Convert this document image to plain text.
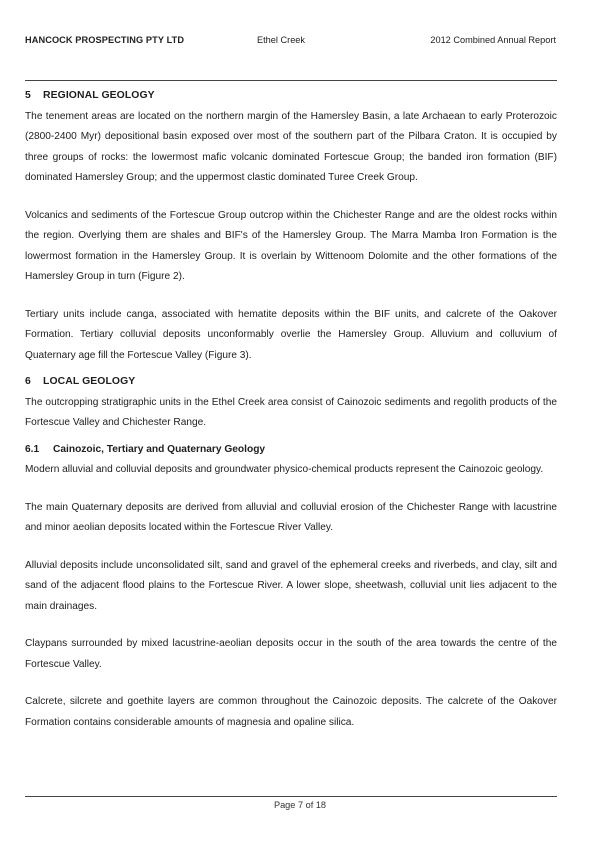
HANCOCK PROSPECTING PTY LTD	Ethel Creek	2012 Combined Annual Report
5 REGIONAL GEOLOGY

The tenement areas are located on the northern margin of the Hamersley Basin, a late Archaean to early Proterozoic (2800-2400 Myr) depositional basin exposed over most of the southern part of the Pilbara Craton. It is occupied by three groups of rocks: the lowermost mafic volcanic dominated Fortescue Group; the banded iron formation (BIF) dominated Hamersley Group; and the uppermost clastic dominated Turee Creek Group.

Volcanics and sediments of the Fortescue Group outcrop within the Chichester Range and are the oldest rocks within the region. Overlying them are shales and BIF's of the Hamersley Group. The Marra Mamba Iron Formation is the lowermost formation in the Hamersley Group. It is overlain by Wittenoom Dolomite and the other formations of the Hamersley Group in turn (Figure 2).

Tertiary units include canga, associated with hematite deposits within the BIF units, and calcrete of the Oakover Formation. Tertiary colluvial deposits unconformably overlie the Hamersley Group. Alluvium and colluvium of Quaternary age fill the Fortescue Valley (Figure 3).

6 LOCAL GEOLOGY

The outcropping stratigraphic units in the Ethel Creek area consist of Cainozoic sediments and regolith products of the Fortescue Valley and Chichester Range.

6.1 Cainozoic, Tertiary and Quaternary Geology

Modern alluvial and colluvial deposits and groundwater physico-chemical products represent the Cainozoic geology.

The main Quaternary deposits are derived from alluvial and colluvial erosion of the Chichester Range with lacustrine and minor aeolian deposits located within the Fortescue River Valley.

Alluvial deposits include unconsolidated silt, sand and gravel of the ephemeral creeks and riverbeds, and clay, silt and sand of the adjacent flood plains to the Fortescue River. A lower slope, sheetwash, colluvial unit lies adjacent to the main drainages.

Claypans surrounded by mixed lacustrine-aeolian deposits occur in the south of the area towards the centre of the Fortescue Valley.

Calcrete, silcrete and goethite layers are common throughout the Cainozoic deposits. The calcrete of the Oakover Formation contains considerable amounts of magnesia and opaline silica.

Page 7 of 18
